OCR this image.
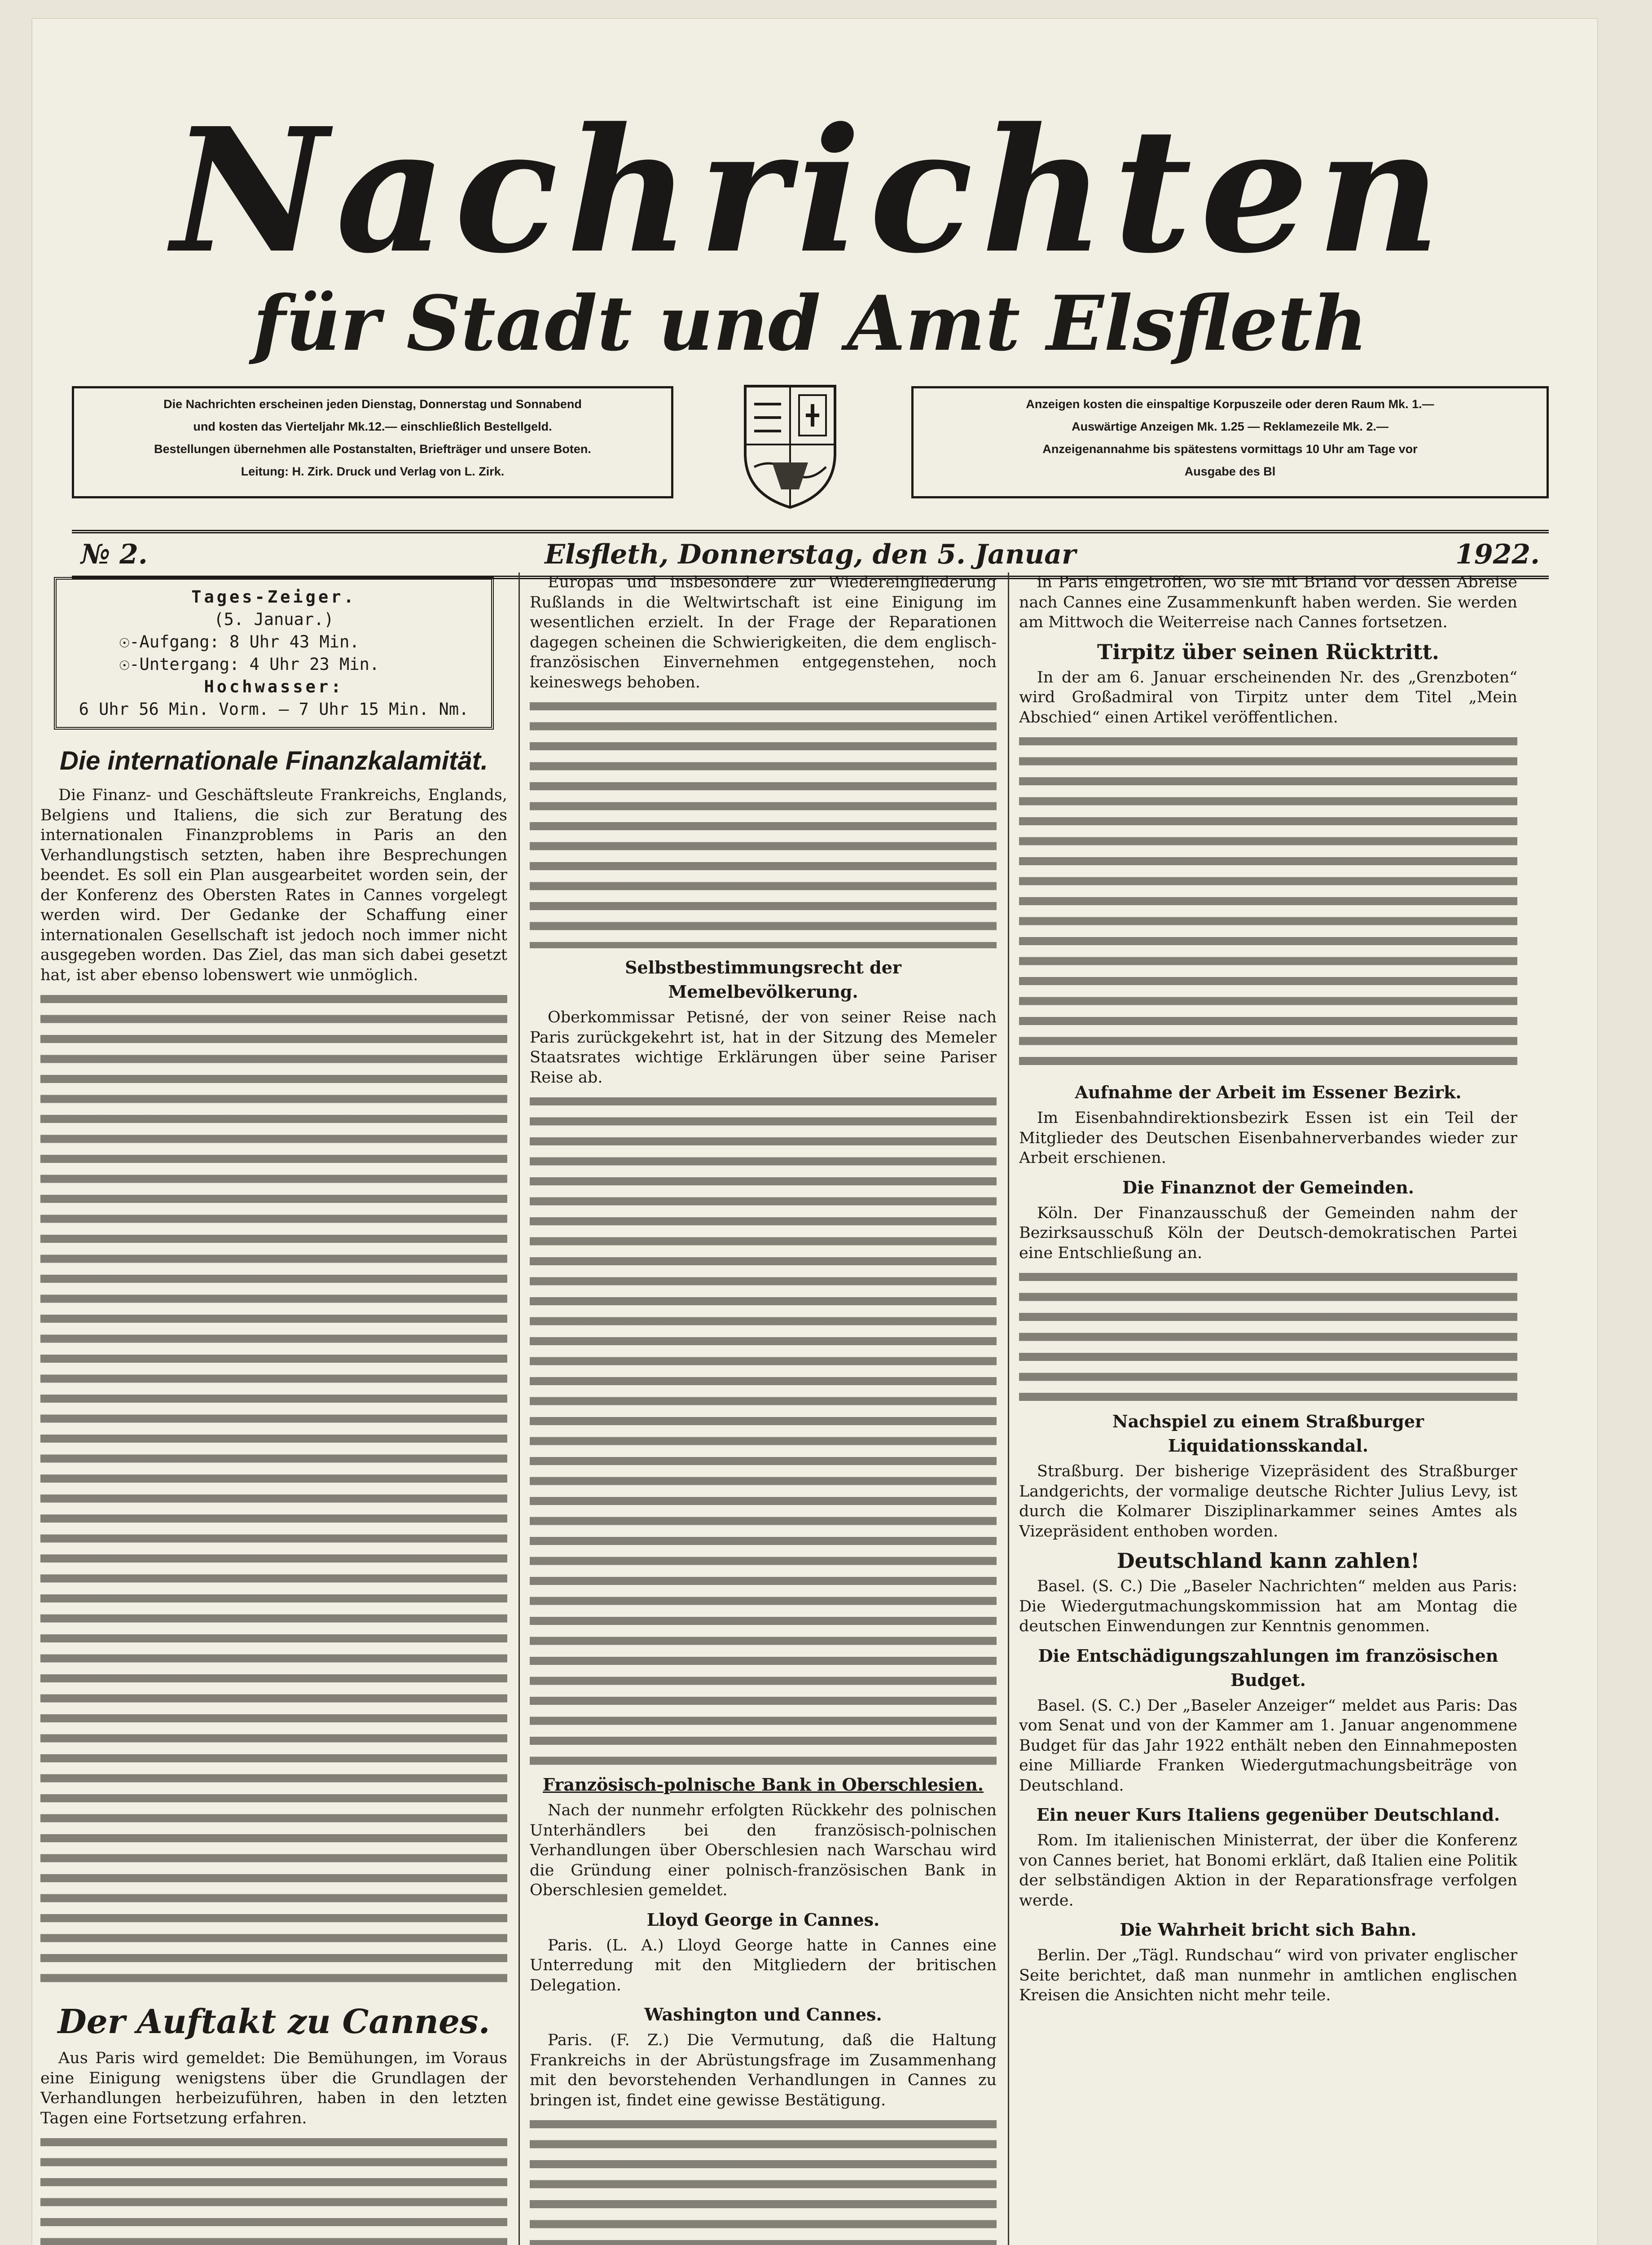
Nachrichten
für Stadt und Amt Elsfleth
Die Nachrichten erscheinen jeden Dienstag, Donnerstag und Sonnabend
und kosten das Vierteljahr Mk.12.— einschließlich Bestellgeld.
Bestellungen übernehmen alle Postanstalten, Briefträger und unsere Boten.
Leitung: H. Zirk. Druck und Verlag von L. Zirk.
Anzeigen kosten die einspaltige Korpuszeile oder deren Raum Mk. 1.—
Auswärtige Anzeigen Mk. 1.25 — Reklamezeile Mk. 2.—
Anzeigenannahme bis spätestens vormittags 10 Uhr am Tage vor
Ausgabe des Bl
№ 2.	Elsfleth, Donnerstag, den 5. Januar	1922.
Tages-Zeiger.
(5. Januar.)
☉-Aufgang: 8 Uhr 43 Min.
☉-Untergang: 4 Uhr 23 Min.
Hochwasser:
6 Uhr 56 Min. Vorm. — 7 Uhr 15 Min. Nm.
Die internationale Finanzkalamität.

Die Finanz- und Geschäftsleute Frankreichs, Englands, Belgiens und Italiens, die sich zur Beratung des internationalen Finanzproblems in Paris an den Verhandlungstisch setzten, haben ihre Besprechungen beendet. Es soll ein Plan ausgearbeitet worden sein, der der Konferenz des Obersten Rates in Cannes vorgelegt werden wird. Der Gedanke der Schaffung einer internationalen Gesellschaft ist jedoch noch immer nicht ausgegeben worden. Das Ziel, das man sich dabei gesetzt hat, ist aber ebenso lobenswert wie unmöglich.

Der Auftakt zu Cannes.

Aus Paris wird gemeldet: Die Bemühungen, im Voraus eine Einigung wenigstens über die Grundlagen der Verhandlungen herbeizuführen, haben in den letzten Tagen eine Fortsetzung erfahren.

Europas und insbesondere zur Wiedereingliederung Rußlands in die Weltwirtschaft ist eine Einigung im wesentlichen erzielt. In der Frage der Reparationen dagegen scheinen die Schwierigkeiten, die dem englisch-französischen Einvernehmen entgegenstehen, noch keineswegs behoben.

Selbstbestimmungsrecht der Memelbevölkerung.

Oberkommissar Petisné, der von seiner Reise nach Paris zurückgekehrt ist, hat in der Sitzung des Memeler Staatsrates wichtige Erklärungen über seine Pariser Reise ab.

Französisch-polnische Bank in Oberschlesien.

Nach der nunmehr erfolgten Rückkehr des polnischen Unterhändlers bei den französisch-polnischen Verhandlungen über Oberschlesien nach Warschau wird die Gründung einer polnisch-französischen Bank in Oberschlesien gemeldet.

Lloyd George in Cannes.

Paris. (L. A.) Lloyd George hatte in Cannes eine Unterredung mit den Mitgliedern der britischen Delegation.

Washington und Cannes.

Paris. (F. Z.) Die Vermutung, daß die Haltung Frankreichs in der Abrüstungsfrage im Zusammenhang mit den bevorstehenden Verhandlungen in Cannes zu bringen ist, findet eine gewisse Bestätigung.

in Paris eingetroffen, wo sie mit Briand vor dessen Abreise nach Cannes eine Zusammenkunft haben werden. Sie werden am Mittwoch die Weiterreise nach Cannes fortsetzen.

Tirpitz über seinen Rücktritt.

In der am 6. Januar erscheinenden Nr. des „Grenzboten“ wird Großadmiral von Tirpitz unter dem Titel „Mein Abschied“ einen Artikel veröffentlichen.

Aufnahme der Arbeit im Essener Bezirk.

Im Eisenbahndirektionsbezirk Essen ist ein Teil der Mitglieder des Deutschen Eisenbahnerverbandes wieder zur Arbeit erschienen.

Die Finanznot der Gemeinden.

Köln. Der Finanzausschuß der Gemeinden nahm der Bezirksausschuß Köln der Deutsch-demokratischen Partei eine Entschließung an.

Nachspiel zu einem Straßburger Liquidationsskandal.

Straßburg. Der bisherige Vizepräsident des Straßburger Landgerichts, der vormalige deutsche Richter Julius Levy, ist durch die Kolmarer Disziplinarkammer seines Amtes als Vizepräsident enthoben worden.

Deutschland kann zahlen!

Basel. (S. C.) Die „Baseler Nachrichten“ melden aus Paris: Die Wiedergutmachungskommission hat am Montag die deutschen Einwendungen zur Kenntnis genommen.

Die Entschädigungszahlungen im französischen Budget.

Basel. (S. C.) Der „Baseler Anzeiger“ meldet aus Paris: Das vom Senat und von der Kammer am 1. Januar angenommene Budget für das Jahr 1922 enthält neben den Einnahmeposten eine Milliarde Franken Wiedergutmachungsbeiträge von Deutschland.

Ein neuer Kurs Italiens gegenüber Deutschland.

Rom. Im italienischen Ministerrat, der über die Konferenz von Cannes beriet, hat Bonomi erklärt, daß Italien eine Politik der selbständigen Aktion in der Reparationsfrage verfolgen werde.

Die Wahrheit bricht sich Bahn.

Berlin. Der „Tägl. Rundschau“ wird von privater englischer Seite berichtet, daß man nunmehr in amtlichen englischen Kreisen die Ansichten nicht mehr teile.
